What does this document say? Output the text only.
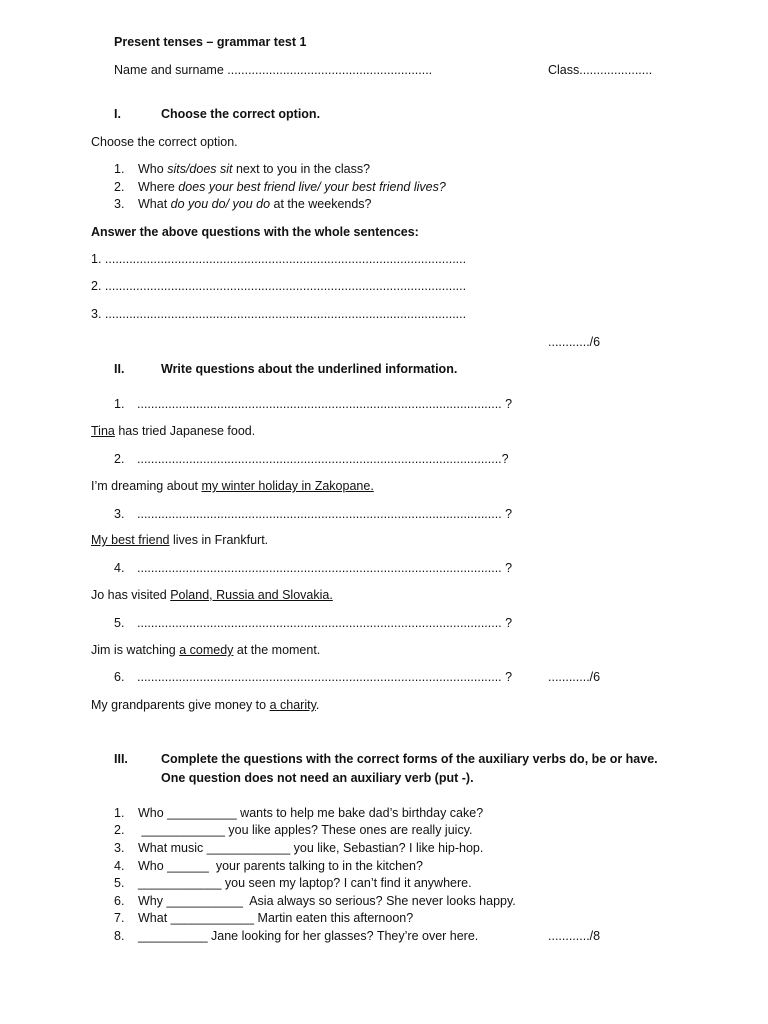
Present tenses – grammar test 1
Name and surname ...........................................................	Class.....................
I.	Choose the correct option.
Choose the correct option.
1. Who sits/does sit next to you in the class?
2. Where does your best friend live/ your best friend lives?
3. What do you do/ you do at the weekends?
Answer the above questions with the whole sentences:
1. ........................................................................................................
2. ........................................................................................................
3. ........................................................................................................
............/6
II.	Write questions about the underlined information.
1. ......................................................................................................... ?
Tina has tried Japanese food.
2. .........................................................................................................?
I’m dreaming about my winter holiday in Zakopane.
3. ......................................................................................................... ?
My best friend lives in Frankfurt.
4. ......................................................................................................... ?
Jo has visited Poland, Russia and Slovakia.
5. ......................................................................................................... ?
Jim is watching a comedy at the moment.
6. ......................................................................................................... ?	............/6
My grandparents give money to a charity.
III.	Complete the questions with the correct forms of the auxiliary verbs do, be or have.
One question does not need an auxiliary verb (put -).
1. Who __________ wants to help me bake dad’s birthday cake?
2. ____________ you like apples? These ones are really juicy.
3. What music ____________ you like, Sebastian? I like hip-hop.
4. Who ______  your parents talking to in the kitchen?
5. ____________ you seen my laptop? I can’t find it anywhere.
6. Why ___________  Asia always so serious? She never looks happy.
7. What ____________ Martin eaten this afternoon?
8. __________ Jane looking for her glasses? They’re over here.	............/8
